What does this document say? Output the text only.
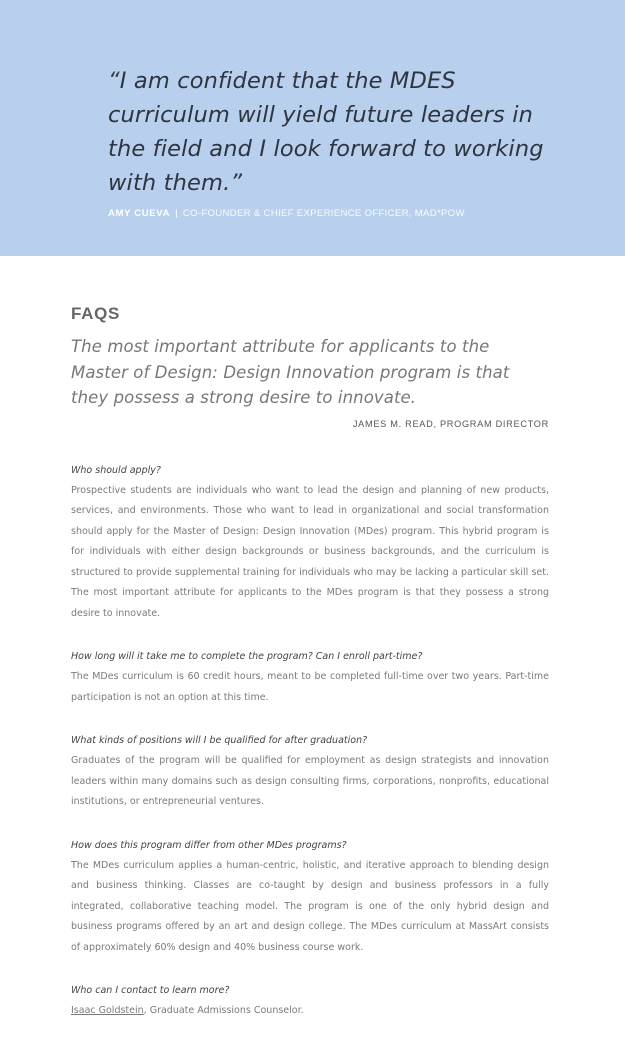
“I am confident that the MDES curriculum will yield future leaders in the field and I look forward to working with them.”

AMY CUEVA | CO-FOUNDER & CHIEF EXPERIENCE OFFICER, MAD*POW
FAQS

The most important attribute for applicants to the Master of Design: Design Innovation program is that they possess a strong desire to innovate.

JAMES M. READ, PROGRAM DIRECTOR

Who should apply?

Prospective students are individuals who want to lead the design and planning of new products, services, and environments. Those who want to lead in organizational and social transformation should apply for the Master of Design: Design Innovation (MDes) program. This hybrid program is for individuals with either design backgrounds or business backgrounds, and the curriculum is structured to provide supplemental training for individuals who may be lacking a particular skill set. The most important attribute for applicants to the MDes program is that they possess a strong desire to innovate.

How long will it take me to complete the program? Can I enroll part-time?

The MDes curriculum is 60 credit hours, meant to be completed full-time over two years. Part-time participation is not an option at this time.

What kinds of positions will I be qualified for after graduation?

Graduates of the program will be qualified for employment as design strategists and innovation leaders within many domains such as design consulting firms, corporations, nonprofits, educational institutions, or entrepreneurial ventures.

How does this program differ from other MDes programs?

The MDes curriculum applies a human-centric, holistic, and iterative approach to blending design and business thinking. Classes are co-taught by design and business professors in a fully integrated, collaborative teaching model. The program is one of the only hybrid design and business programs offered by an art and design college. The MDes curriculum at MassArt consists of approximately 60% design and 40% business course work.

Who can I contact to learn more?

Isaac Goldstein, Graduate Admissions Counselor.
